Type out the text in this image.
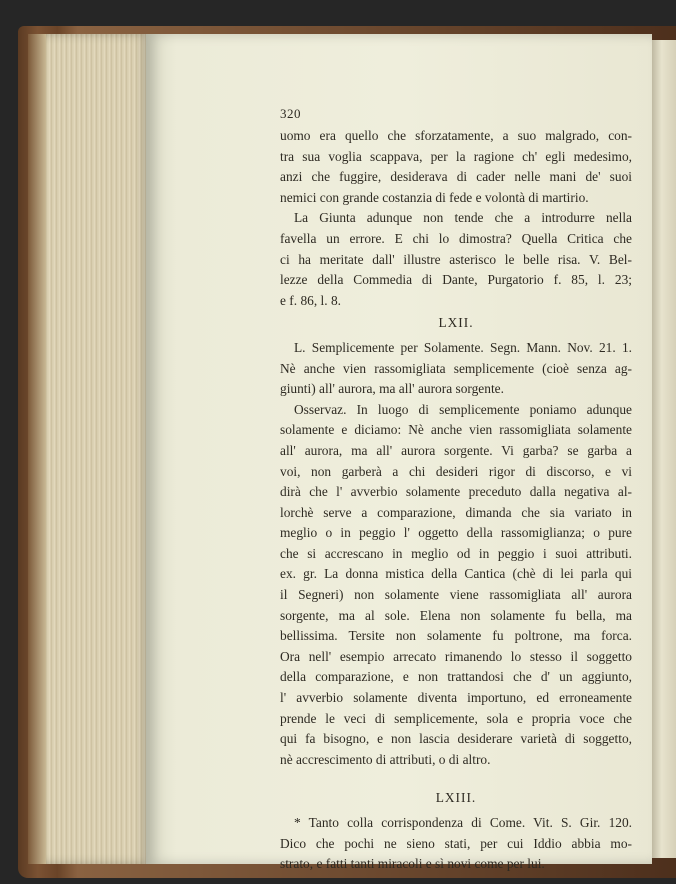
320
uomo era quello che sforzatamente, a suo malgrado, con-
tra sua voglia scappava, per la ragione ch' egli medesimo,
anzi che fuggire, desiderava di cader nelle mani de' suoi
nemici con grande costanzia di fede e volontà di martirio.
La Giunta adunque non tende che a introdurre nella
favella un errore. E chi lo dimostra? Quella Critica che
ci ha meritate dall' illustre asterisco le belle risa. V. Bel-
lezze della Commedia di Dante, Purgatorio f. 85, l. 23;
e f. 86, l. 8.
LXII.
L. Semplicemente per Solamente. Segn. Mann. Nov. 21. 1.
Nè anche vien rassomigliata semplicemente (cioè senza ag-
giunti) all' aurora, ma all' aurora sorgente.
Osservaz. In luogo di semplicemente poniamo adunque
solamente e diciamo: Nè anche vien rassomigliata solamente
all' aurora, ma all' aurora sorgente. Vi garba? se garba a
voi, non garberà a chi desideri rigor di discorso, e vi
dirà che l' avverbio solamente preceduto dalla negativa al-
lorchè serve a comparazione, dimanda che sia variato in
meglio o in peggio l' oggetto della rassomiglianza; o pure
che si accrescano in meglio od in peggio i suoi attributi.
ex. gr. La donna mistica della Cantica (chè di lei parla qui
il Segneri) non solamente viene rassomigliata all' aurora
sorgente, ma al sole. Elena non solamente fu bella, ma
bellissima. Tersite non solamente fu poltrone, ma forca.
Ora nell' esempio arrecato rimanendo lo stesso il soggetto
della comparazione, e non trattandosi che d' un aggiunto,
l' avverbio solamente diventa importuno, ed erroneamente
prende le veci di semplicemente, sola e propria voce che
qui fa bisogno, e non lascia desiderare varietà di soggetto,
nè accrescimento di attributi, o di altro.
LXIII.
* Tanto colla corrispondenza di Come. Vit. S. Gir. 120.
Dico che pochi ne sieno stati, per cui Iddio abbia mo-
strato, e fatti tanti miracoli e sì novi come per lui.
